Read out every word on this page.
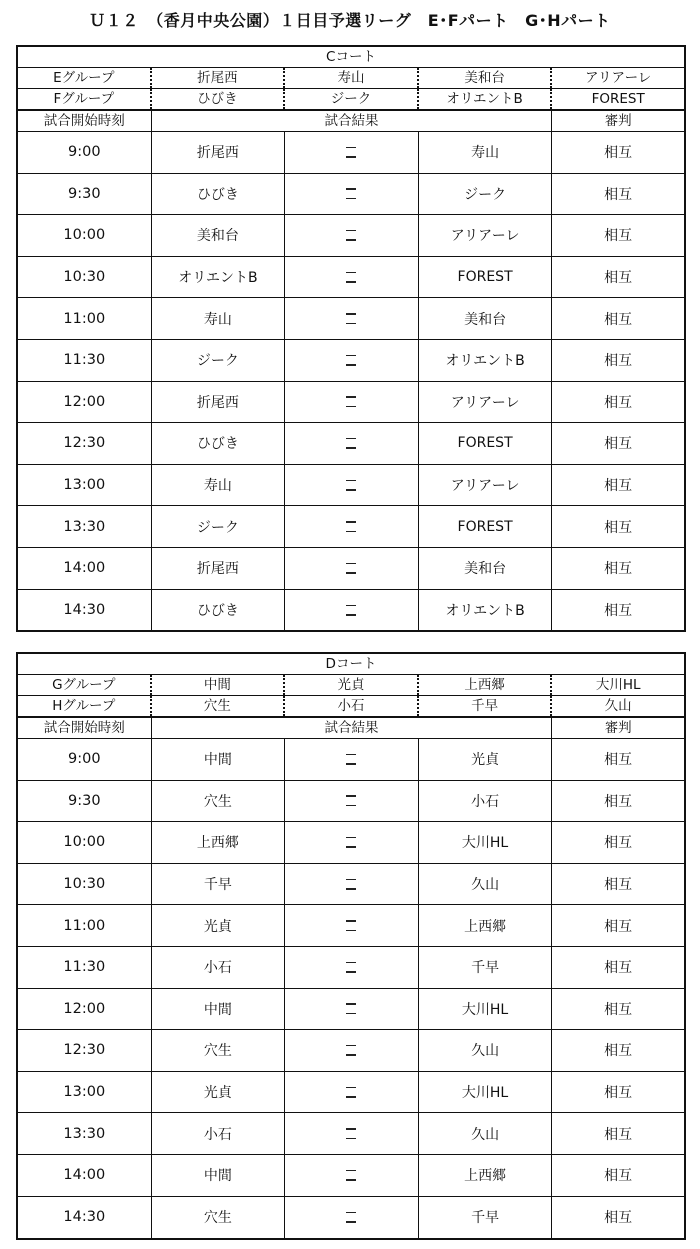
Ｕ１２　（香月中央公園）１日目予選リーグ　E･Fパート　G･Hパート
Cコート
Eグループ	折尾西	寿山	美和台	アリアーレ
Fグループ	ひびき	ジーク	オリエントB	FOREST
試合開始時刻	試合結果	審判
9:00	折尾西	寿山	相互
9:30	ひびき	ジーク	相互
10:00	美和台	アリアーレ	相互
10:30	オリエントB	FOREST	相互
11:00	寿山	美和台	相互
11:30	ジーク	オリエントB	相互
12:00	折尾西	アリアーレ	相互
12:30	ひびき	FOREST	相互
13:00	寿山	アリアーレ	相互
13:30	ジーク	FOREST	相互
14:00	折尾西	美和台	相互
14:30	ひびき	オリエントB	相互
Dコート
Gグループ	中間	光貞	上西郷	大川HL
Hグループ	穴生	小石	千早	久山
試合開始時刻	試合結果	審判
9:00	中間	光貞	相互
9:30	穴生	小石	相互
10:00	上西郷	大川HL	相互
10:30	千早	久山	相互
11:00	光貞	上西郷	相互
11:30	小石	千早	相互
12:00	中間	大川HL	相互
12:30	穴生	久山	相互
13:00	光貞	大川HL	相互
13:30	小石	久山	相互
14:00	中間	上西郷	相互
14:30	穴生	千早	相互
